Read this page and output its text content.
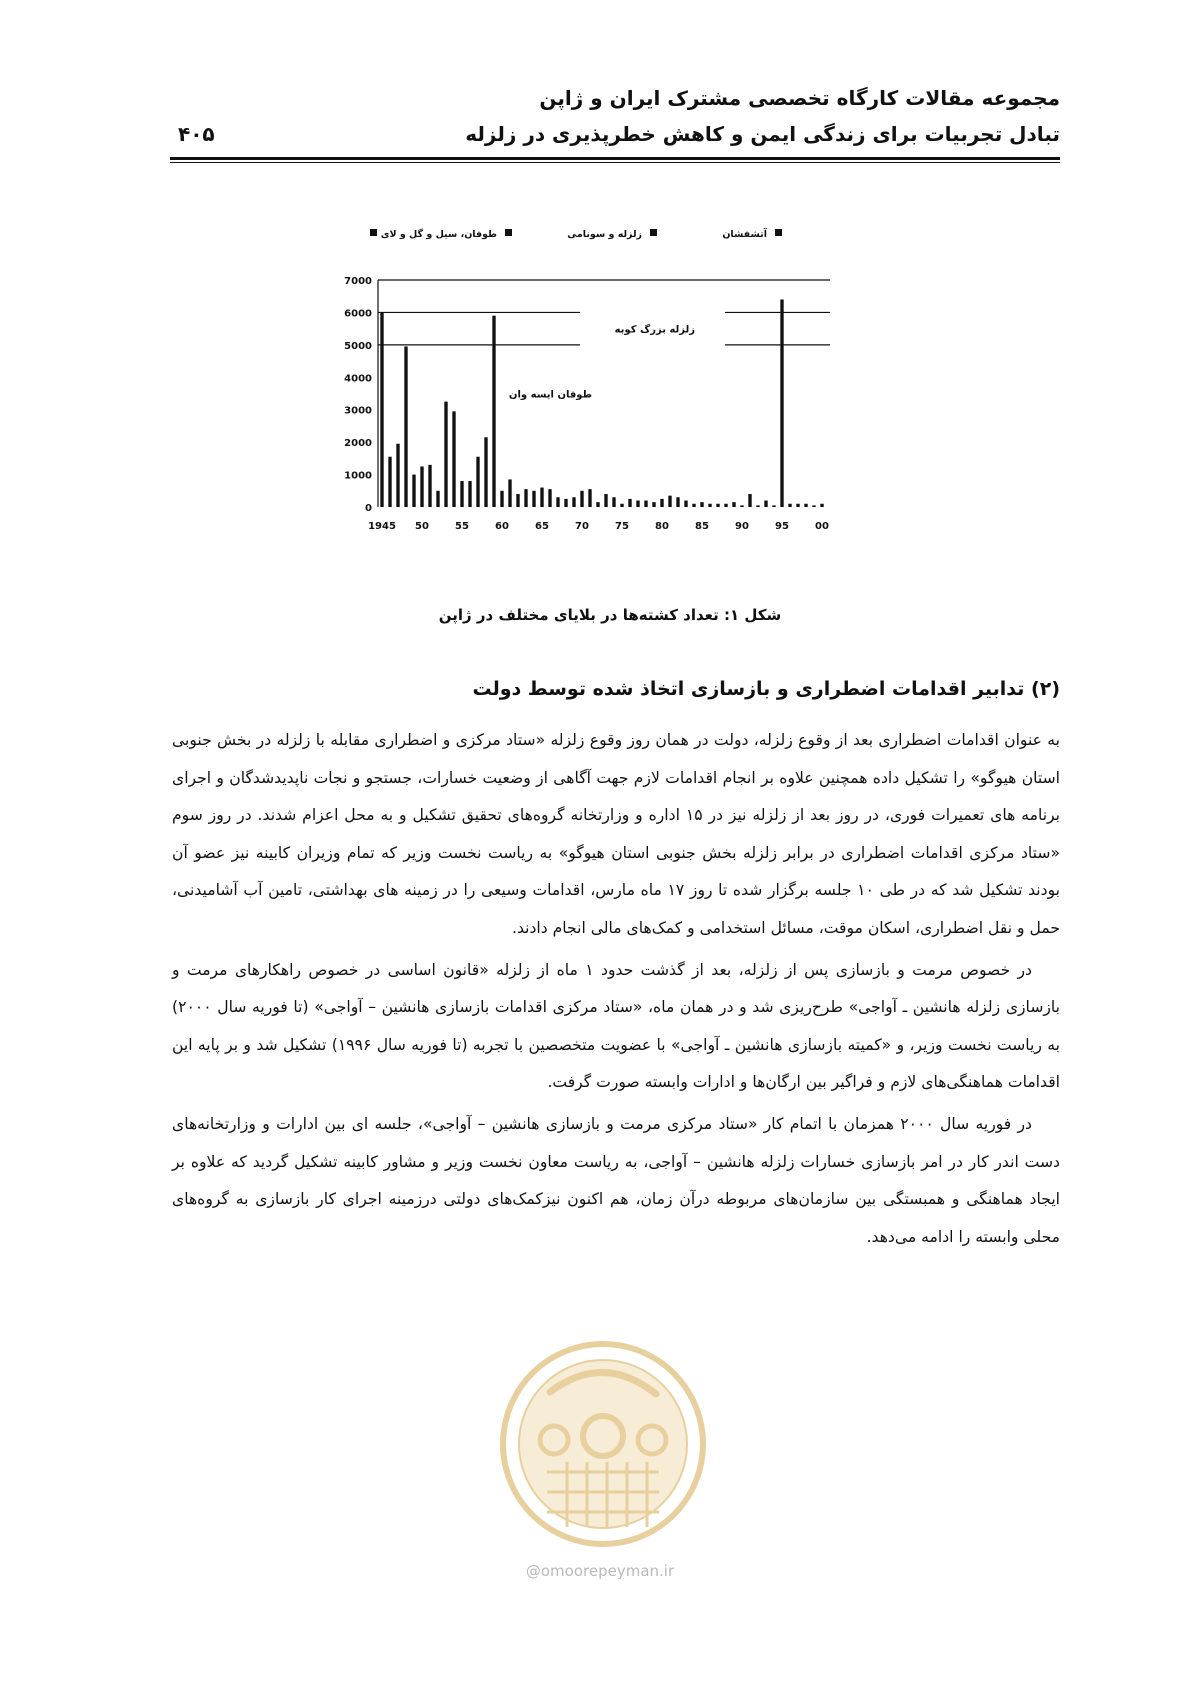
مجموعه مقالات کارگاه تخصصی مشترک ایران و ژاپن
تبادل تجربیات برای زندگی ایمن و کاهش خطرپذیری در زلزله
۴۰۵
0
1000
2000
3000
4000
5000
6000
7000
1945 50	55	60	65	70	75	80	85	90	95	00
آتشفشان
زلزله و سونامی
طوفان، سیل و گل و لای
زلزله بزرگ کوبه
طوفان ایسه وان
شکل ۱: تعداد کشته‌ها در بلایای مختلف در ژاپن
(۲) تدابیر اقدامات اضطراری و بازسازی اتخاذ شده توسط دولت

به عنوان اقدامات اضطراری بعد از وقوع زلزله، دولت در همان روز وقوع زلزله «ستاد مرکزی و اضطراری مقابله با زلزله در بخش جنوبی استان هیوگو» را تشکیل داده همچنین علاوه بر انجام اقدامات لازم جهت آگاهی از وضعیت خسارات، جستجو و نجات ناپدیدشدگان و اجرای برنامه های تعمیرات فوری، در روز بعد از زلزله نیز در ۱۵ اداره و وزارتخانه گروه‌های تحقیق تشکیل و به محل اعزام شدند. در روز سوم «ستاد مرکزی اقدامات اضطراری در برابر زلزله بخش جنوبی استان هیوگو» به ریاست نخست وزیر که تمام وزیران کابینه نیز عضو آن بودند تشکیل شد که در طی ۱۰ جلسه برگزار شده تا روز ۱۷ ماه مارس، اقدامات وسیعی را در زمینه های بهداشتی، تامین آب آشامیدنی، حمل و نقل اضطراری، اسکان موقت، مسائل استخدامی و کمک‌های مالی انجام دادند.

در خصوص مرمت و بازسازی پس از زلزله، بعد از گذشت حدود ۱ ماه از زلزله «قانون اساسی در خصوص راهکارهای مرمت و بازسازی زلزله هانشین ـ آواجی» طرح‌ریزی شد و در همان ماه، «ستاد مرکزی اقدامات بازسازی هانشین – آواجی» (تا فوریه سال ۲۰۰۰) به ریاست نخست وزیر، و «کمیته بازسازی هانشین ـ آواجی» با عضویت متخصصین با تجربه (تا فوریه سال ۱۹۹۶) تشکیل شد و بر پایه این اقدامات هماهنگی‌های لازم و فراگیر بین ارگان‌ها و ادارات وابسته صورت گرفت.

در فوریه سال ۲۰۰۰ همزمان با اتمام کار «ستاد مرکزی مرمت و بازسازی هانشین – آواجی»، جلسه ای بین ادارات و وزارتخانه‌های دست اندر کار در امر بازسازی خسارات زلزله هانشین – آواجی، به ریاست معاون نخست وزیر و مشاور کابینه تشکیل گردید که علاوه بر ایجاد هماهنگی و همبستگی بین سازمان‌های مربوطه درآن زمان، هم اکنون نیزکمک‌های دولتی درزمینه اجرای کار بازسازی به گروه‌های محلی وابسته را ادامه می‌دهد.

@omoorepeyman.ir
